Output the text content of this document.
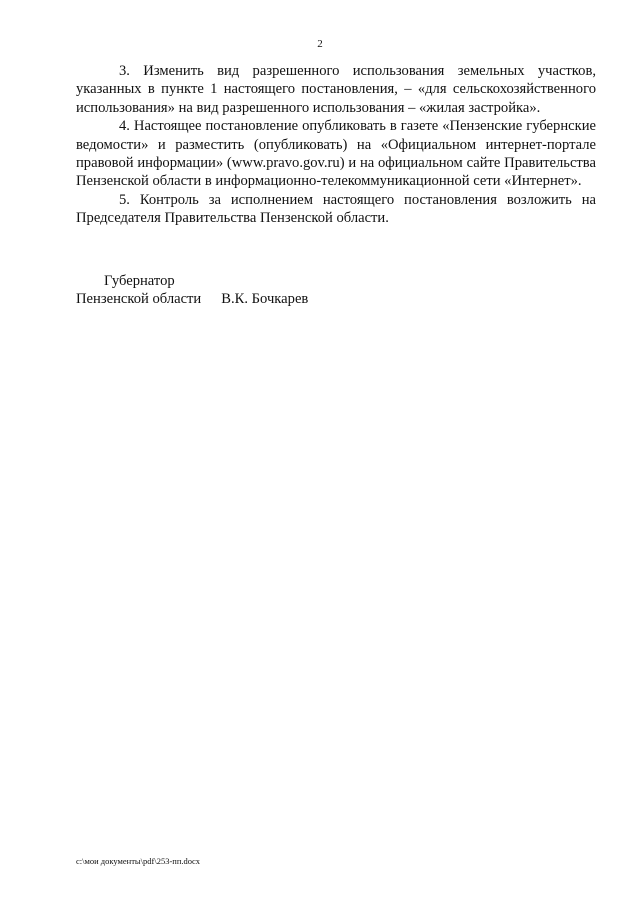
2

3. Изменить вид разрешенного использования земельных участков, указанных в пункте 1 настоящего постановления, – «для сельскохозяйственного использования» на вид разрешенного использования – «жилая застройка».

4. Настоящее постановление опубликовать в газете «Пензенские губернские ведомости» и разместить (опубликовать) на «Официальном интернет-портале правовой информации» (www.pravo.gov.ru) и на официальном сайте Правительства Пензенской области в информационно-телекоммуникационной сети «Интернет».

5. Контроль за исполнением настоящего постановления возложить на Председателя Правительства Пензенской области.

Губернатор
Пензенской области В.К. Бочкарев
c:\мои документы\pdf\253-пп.docx
